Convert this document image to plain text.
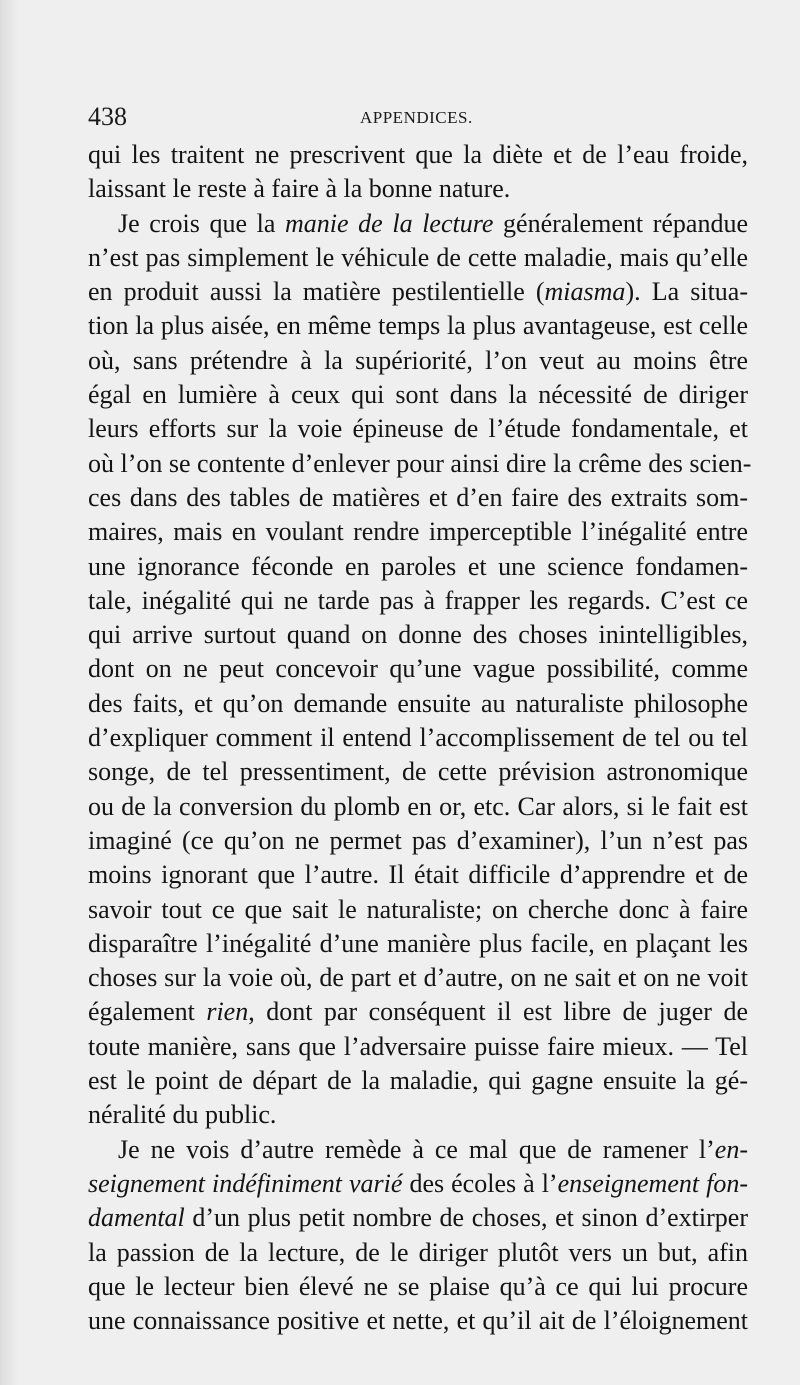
438	APPENDICES.
qui les traitent ne prescrivent que la diète et de l’eau froide,
laissant le reste à faire à la bonne nature.
Je crois que la manie de la lecture généralement répandue
n’est pas simplement le véhicule de cette maladie, mais qu’elle
en produit aussi la matière pestilentielle (miasma). La situa-
tion la plus aisée, en même temps la plus avantageuse, est celle
où, sans prétendre à la supériorité, l’on veut au moins être
égal en lumière à ceux qui sont dans la nécessité de diriger
leurs efforts sur la voie épineuse de l’étude fondamentale, et
où l’on se contente d’enlever pour ainsi dire la crême des scien-
ces dans des tables de matières et d’en faire des extraits som-
maires, mais en voulant rendre imperceptible l’inégalité entre
une ignorance féconde en paroles et une science fondamen-
tale, inégalité qui ne tarde pas à frapper les regards. C’est ce
qui arrive surtout quand on donne des choses inintelligibles,
dont on ne peut concevoir qu’une vague possibilité, comme
des faits, et qu’on demande ensuite au naturaliste philosophe
d’expliquer comment il entend l’accomplissement de tel ou tel
songe, de tel pressentiment, de cette prévision astronomique
ou de la conversion du plomb en or, etc. Car alors, si le fait est
imaginé (ce qu’on ne permet pas d’examiner), l’un n’est pas
moins ignorant que l’autre. Il était difficile d’apprendre et de
savoir tout ce que sait le naturaliste; on cherche donc à faire
disparaître l’inégalité d’une manière plus facile, en plaçant les
choses sur la voie où, de part et d’autre, on ne sait et on ne voit
également rien, dont par conséquent il est libre de juger de
toute manière, sans que l’adversaire puisse faire mieux. — Tel
est le point de départ de la maladie, qui gagne ensuite la gé-
néralité du public.
Je ne vois d’autre remède à ce mal que de ramener l’en-
seignement indéfiniment varié des écoles à l’enseignement fon-
damental d’un plus petit nombre de choses, et sinon d’extirper
la passion de la lecture, de le diriger plutôt vers un but, afin
que le lecteur bien élevé ne se plaise qu’à ce qui lui procure
une connaissance positive et nette, et qu’il ait de l’éloignement
